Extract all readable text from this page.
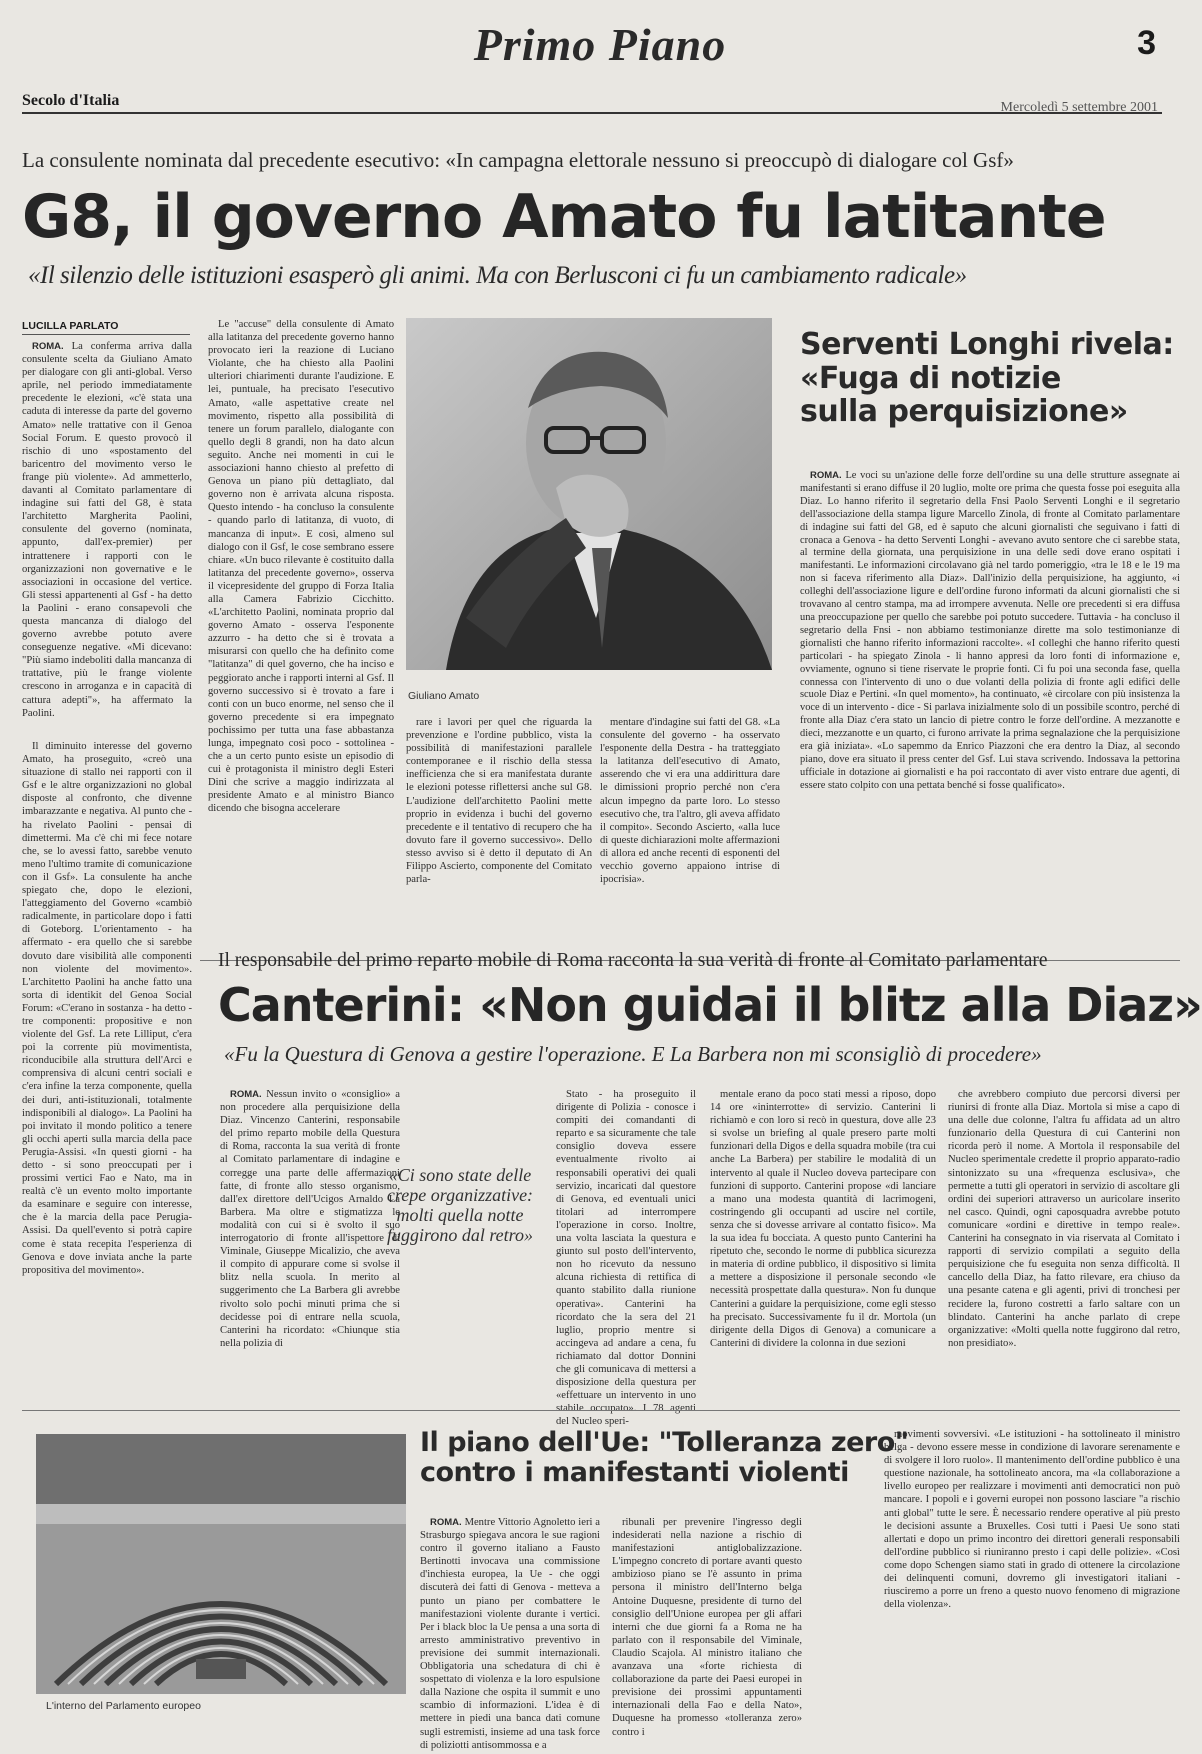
Primo Piano	3
Secolo d'Italia	Mercoledì 5 settembre 2001
La consulente nominata dal precedente esecutivo: «In campagna elettorale nessuno si preoccupò di dialogare col Gsf»
G8, il governo Amato fu latitante
«Il silenzio delle istituzioni esasperò gli animi. Ma con Berlusconi ci fu un cambiamento radicale»
LUCILLA PARLATO

ROMA. La conferma arriva dalla consulente scelta da Giuliano Amato per dialogare con gli anti-global. Verso aprile, nel periodo immediatamente precedente le elezioni, «c'è stata una caduta di interesse da parte del governo Amato» nelle trattative con il Genoa Social Forum. E questo provocò il rischio di uno «spostamento del baricentro del movimento verso le frange più violente». Ad ammetterlo, davanti al Comitato parlamentare di indagine sui fatti del G8, è stata l'architetto Margherita Paolini, consulente del governo (nominata, appunto, dall'ex-premier) per intrattenere i rapporti con le organizzazioni non governative e le associazioni in occasione del vertice. Gli stessi appartenenti al Gsf - ha detto la Paolini - erano consapevoli che questa mancanza di dialogo del governo avrebbe potuto avere conseguenze negative. «Mi dicevano: "Più siamo indeboliti dalla mancanza di trattative, più le frange violente crescono in arroganza e in capacità di cattura adepti"», ha affermato la Paolini.

Il diminuito interesse del governo Amato, ha proseguito, «creò una situazione di stallo nei rapporti con il Gsf e le altre organizzazioni no global disposte al confronto, che divenne imbarazzante e negativa. Al punto che - ha rivelato Paolini - pensai di dimettermi. Ma c'è chi mi fece notare che, se lo avessi fatto, sarebbe venuto meno l'ultimo tramite di comunicazione con il Gsf». La consulente ha anche spiegato che, dopo le elezioni, l'atteggiamento del Governo «cambiò radicalmente, in particolare dopo i fatti di Goteborg. L'orientamento - ha affermato - era quello che si sarebbe dovuto dare visibilità alle componenti non violente del movimento». L'architetto Paolini ha anche fatto una sorta di identikit del Genoa Social Forum: «C'erano in sostanza - ha detto - tre componenti: propositive e non violente del Gsf. La rete Lilliput, c'era poi la corrente più movimentista, riconducibile alla struttura dell'Arci e comprensiva di alcuni centri sociali e c'era infine la terza componente, quella dei duri, anti-istituzionali, totalmente indisponibili al dialogo». La Paolini ha poi invitato il mondo politico a tenere gli occhi aperti sulla marcia della pace Perugia-Assisi. «In questi giorni - ha detto - si sono preoccupati per i prossimi vertici Fao e Nato, ma in realtà c'è un evento molto importante da esaminare e seguire con interesse, che è la marcia della pace Perugia-Assisi. Da quell'evento si potrà capire come è stata recepita l'esperienza di Genova e dove inviata anche la parte propositiva del movimento».

Le "accuse" della consulente di Amato alla latitanza del precedente governo hanno provocato ieri la reazione di Luciano Violante, che ha chiesto alla Paolini ulteriori chiarimenti durante l'audizione. E lei, puntuale, ha precisato l'esecutivo Amato, «alle aspettative create nel movimento, rispetto alla possibilità di tenere un forum parallelo, dialogante con quello degli 8 grandi, non ha dato alcun seguito. Anche nei momenti in cui le associazioni hanno chiesto al prefetto di Genova un piano più dettagliato, dal governo non è arrivata alcuna risposta. Questo intendo - ha concluso la consulente - quando parlo di latitanza, di vuoto, di mancanza di input». E così, almeno sul dialogo con il Gsf, le cose sembrano essere chiare. «Un buco rilevante è costituito dalla latitanza del precedente governo», osserva il vicepresidente del gruppo di Forza Italia alla Camera Fabrizio Cicchitto. «L'architetto Paolini, nominata proprio dal governo Amato - osserva l'esponente azzurro - ha detto che si è trovata a misurarsi con quello che ha definito come "latitanza" di quel governo, che ha inciso e peggiorato anche i rapporti interni al Gsf. Il governo successivo si è trovato a fare i conti con un buco enorme, nel senso che il governo precedente si era impegnato pochissimo per tutta una fase abbastanza lunga, impegnato così poco - sottolinea - che a un certo punto esiste un episodio di cui è protagonista il ministro degli Esteri Dini che scrive a maggio indirizzata al presidente Amato e al ministro Bianco dicendo che bisogna accelerare

Giuliano Amato

rare i lavori per quel che riguarda la prevenzione e l'ordine pubblico, vista la possibilità di manifestazioni parallele contemporanee e il rischio della stessa inefficienza che si era manifestata durante le elezioni potesse riflettersi anche sul G8. L'audizione dell'architetto Paolini mette proprio in evidenza i buchi del governo precedente e il tentativo di recupero che ha dovuto fare il governo successivo». Dello stesso avviso si è detto il deputato di An Filippo Ascierto, componente del Comitato parla-

mentare d'indagine sui fatti del G8. «La consulente del governo - ha osservato l'esponente della Destra - ha tratteggiato la latitanza dell'esecutivo di Amato, asserendo che vi era una addirittura dare le dimissioni proprio perché non c'era alcun impegno da parte loro. Lo stesso esecutivo che, tra l'altro, gli aveva affidato il compito». Secondo Ascierto, «alla luce di queste dichiarazioni molte affermazioni di allora ed anche recenti di esponenti del vecchio governo appaiono intrise di ipocrisia».

Serventi Longhi rivela:
«Fuga di notizie
sulla perquisizione»

ROMA. Le voci su un'azione delle forze dell'ordine su una delle strutture assegnate ai manifestanti si erano diffuse il 20 luglio, molte ore prima che questa fosse poi eseguita alla Diaz. Lo hanno riferito il segretario della Fnsi Paolo Serventi Longhi e il segretario dell'associazione della stampa ligure Marcello Zinola, di fronte al Comitato parlamentare di indagine sui fatti del G8, ed è saputo che alcuni giornalisti che seguivano i fatti di cronaca a Genova - ha detto Serventi Longhi - avevano avuto sentore che ci sarebbe stata, al termine della giornata, una perquisizione in una delle sedi dove erano ospitati i manifestanti. Le informazioni circolavano già nel tardo pomeriggio, «tra le 18 e le 19 ma non si faceva riferimento alla Diaz». Dall'inizio della perquisizione, ha aggiunto, «i colleghi dell'associazione ligure e dell'ordine furono informati da alcuni giornalisti che si trovavano al centro stampa, ma ad irrompere avvenuta. Nelle ore precedenti si era diffusa una preoccupazione per quello che sarebbe poi potuto succedere. Tuttavia - ha concluso il segretario della Fnsi - non abbiamo testimonianze dirette ma solo testimonianze di giornalisti che hanno riferito informazioni raccolte». «I colleghi che hanno riferito questi particolari - ha spiegato Zinola - li hanno appresi da loro fonti di informazione e, ovviamente, ognuno si tiene riservate le proprie fonti. Ci fu poi una seconda fase, quella connessa con l'intervento di uno o due volanti della polizia di fronte agli edifici delle scuole Diaz e Pertini. «In quel momento», ha continuato, «è circolare con più insistenza la voce di un intervento - dice - Si parlava inizialmente solo di un possibile scontro, perché di fronte alla Diaz c'era stato un lancio di pietre contro le forze dell'ordine. A mezzanotte e dieci, mezzanotte e un quarto, ci furono arrivate la prima segnalazione che la perquisizione era già iniziata». «Lo sapemmo da Enrico Piazzoni che era dentro la Diaz, al secondo piano, dove era situato il press center del Gsf. Lui stava scrivendo. Indossava la pettorina ufficiale in dotazione ai giornalisti e ha poi raccontato di aver visto entrare due agenti, di essere stato colpito con una pettata benché si fosse qualificato».

Il responsabile del primo reparto mobile di Roma racconta la sua verità di fronte al Comitato parlamentare
Canterini: «Non guidai il blitz alla Diaz»
«Fu la Questura di Genova a gestire l'operazione. E La Barbera non mi sconsigliò di procedere»

ROMA. Nessun invito o «consiglio» a non procedere alla perquisizione della Diaz. Vincenzo Canterini, responsabile del primo reparto mobile della Questura di Roma, racconta la sua verità di fronte al Comitato parlamentare di indagine e corregge una parte delle affermazioni fatte, di fronte allo stesso organismo, dall'ex direttore dell'Ucigos Arnaldo La Barbera. Ma oltre e stigmatizza le modalità con cui si è svolto il suo interrogatorio di fronte all'ispettore di Viminale, Giuseppe Micalizio, che aveva il compito di appurare come si svolse il blitz nella scuola. In merito al suggerimento che La Barbera gli avrebbe rivolto solo pochi minuti prima che si decidesse poi di entrare nella scuola, Canterini ha ricordato: «Chiunque stia nella polizia di

«Ci sono state delle crepe organizzative: molti quella notte fuggirono dal retro»

Stato - ha proseguito il dirigente di Polizia - conosce i compiti dei comandanti di reparto e sa sicuramente che tale consiglio doveva essere eventualmente rivolto ai responsabili operativi dei quali servizio, incaricati dal questore di Genova, ed eventuali unici titolari ad interrompere l'operazione in corso. Inoltre, una volta lasciata la questura e giunto sul posto dell'intervento, non ho ricevuto da nessuno alcuna richiesta di rettifica di quanto stabilito dalla riunione operativa». Canterini ha ricordato che la sera del 21 luglio, proprio mentre si accingeva ad andare a cena, fu richiamato dal dottor Donnini che gli comunicava di mettersi a disposizione della questura per «effettuare un intervento in uno stabile occupato». I 78 agenti del Nucleo speri-

mentale erano da poco stati messi a riposo, dopo 14 ore «ininterrotte» di servizio. Canterini li richiamò e con loro si recò in questura, dove alle 23 si svolse un briefing al quale presero parte molti funzionari della Digos e della squadra mobile (tra cui anche La Barbera) per stabilire le modalità di un intervento al quale il Nucleo doveva partecipare con funzioni di supporto. Canterini propose «di lanciare a mano una modesta quantità di lacrimogeni, costringendo gli occupanti ad uscire nel cortile, senza che si dovesse arrivare al contatto fisico». Ma la sua idea fu bocciata. A questo punto Canterini ha ripetuto che, secondo le norme di pubblica sicurezza in materia di ordine pubblico, il dispositivo si limita a mettere a disposizione il personale secondo «le necessità prospettate dalla questura». Non fu dunque Canterini a guidare la perquisizione, come egli stesso ha precisato. Successivamente fu il dr. Mortola (un dirigente della Digos di Genova) a comunicare a Canterini di dividere la colonna in due sezioni

che avrebbero compiuto due percorsi diversi per riunirsi di fronte alla Diaz. Mortola si mise a capo di una delle due colonne, l'altra fu affidata ad un altro funzionario della Questura di cui Canterini non ricorda però il nome. A Mortola il responsabile del Nucleo sperimentale credette il proprio apparato-radio sintonizzato su una «frequenza esclusiva», che permette a tutti gli operatori in servizio di ascoltare gli ordini dei superiori attraverso un auricolare inserito nel casco. Quindi, ogni caposquadra avrebbe potuto comunicare «ordini e direttive in tempo reale». Canterini ha consegnato in via riservata al Comitato i rapporti di servizio compilati a seguito della perquisizione che fu eseguita non senza difficoltà. Il cancello della Diaz, ha fatto rilevare, era chiuso da una pesante catena e gli agenti, privi di tronchesi per recidere la, furono costretti a farlo saltare con un blindato. Canterini ha anche parlato di crepe organizzative: «Molti quella notte fuggirono dal retro, non presidiato».

L'interno del Parlamento europeo
Il piano dell'Ue: "Tolleranza zero"
contro i manifestanti violenti

ROMA. Mentre Vittorio Agnoletto ieri a Strasburgo spiegava ancora le sue ragioni contro il governo italiano a Fausto Bertinotti invocava una commissione d'inchiesta europea, la Ue - che oggi discuterà dei fatti di Genova - metteva a punto un piano per combattere le manifestazioni violente durante i vertici. Per i black bloc la Ue pensa a una sorta di arresto amministrativo preventivo in previsione dei summit internazionali. Obbligatoria una schedatura di chi è sospettato di violenza e la loro espulsione dalla Nazione che ospita il summit e uno scambio di informazioni. L'idea è di mettere in piedi una banca dati comune sugli estremisti, insieme ad una task force di poliziotti antisommossa e a

ribunali per prevenire l'ingresso degli indesiderati nella nazione a rischio di manifestazioni antiglobalizzazione. L'impegno concreto di portare avanti questo ambizioso piano se l'è assunto in prima persona il ministro dell'Interno belga Antoine Duquesne, presidente di turno del consiglio dell'Unione europea per gli affari interni che due giorni fa a Roma ne ha parlato con il responsabile del Viminale, Claudio Scajola. Al ministro italiano che avanzava una «forte richiesta di collaborazione da parte dei Paesi europei in previsione dei prossimi appuntamenti internazionali della Fao e della Nato», Duquesne ha promesso «tolleranza zero» contro i

movimenti sovversivi. «Le istituzioni - ha sottolineato il ministro belga - devono essere messe in condizione di lavorare serenamente e di svolgere il loro ruolo». Il mantenimento dell'ordine pubblico è una questione nazionale, ha sottolineato ancora, ma «la collaborazione a livello europeo per realizzare i movimenti anti democratici non può mancare. I popoli e i governi europei non possono lasciare "a rischio anti global" tutte le sere. È necessario rendere operative al più presto le decisioni assunte a Bruxelles. Così tutti i Paesi Ue sono stati allertati e dopo un primo incontro dei direttori generali responsabili dell'ordine pubblico si riuniranno presto i capi delle polizie». «Così come dopo Schengen siamo stati in grado di ottenere la circolazione dei delinquenti comuni, dovremo gli investigatori italiani - riusciremo a porre un freno a questo nuovo fenomeno di migrazione della violenza».
